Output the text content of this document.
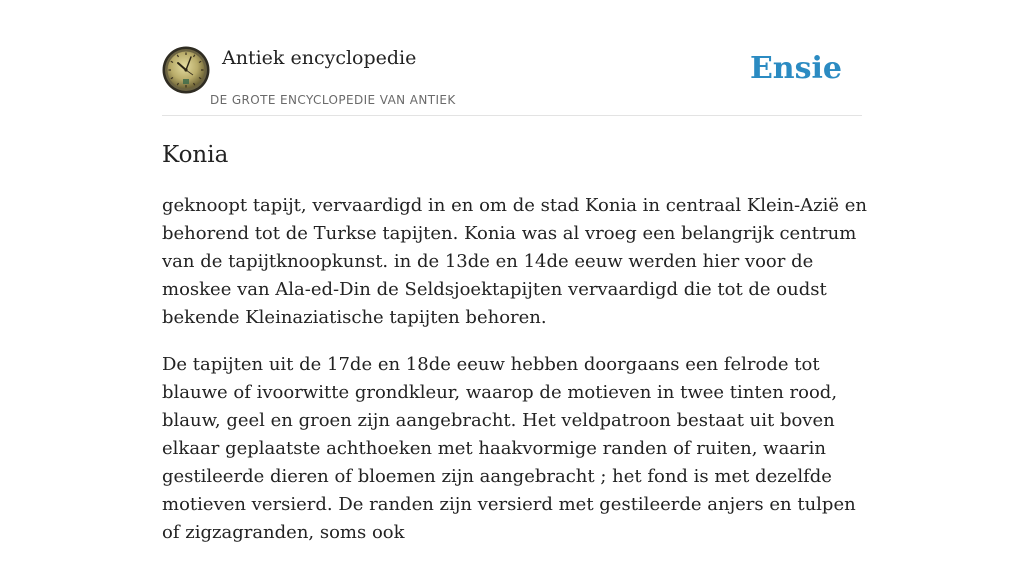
Antiek encyclopedie
DE GROTE ENCYCLOPEDIE VAN ANTIEK
Ensie
Konia

geknoopt tapijt, vervaardigd in en om de stad Konia in centraal Klein-Azië en behorend tot de Turkse tapijten. Konia was al vroeg een belangrijk centrum van de tapijtknoopkunst. in de 13de en 14de eeuw werden hier voor de moskee van Ala-ed-Din de Seldsjoektapijten vervaardigd die tot de oudst bekende Kleinaziatische tapijten behoren.

De tapijten uit de 17de en 18de eeuw hebben doorgaans een felrode tot blauwe of ivoorwitte grondkleur, waarop de motieven in twee tinten rood, blauw, geel en groen zijn aangebracht. Het veldpatroon bestaat uit boven elkaar geplaatste achthoeken met haakvormige randen of ruiten, waarin gestileerde dieren of bloemen zijn aangebracht ; het fond is met dezelfde motieven versierd. De randen zijn versierd met gestileerde anjers en tulpen of zigzagranden, soms ook
